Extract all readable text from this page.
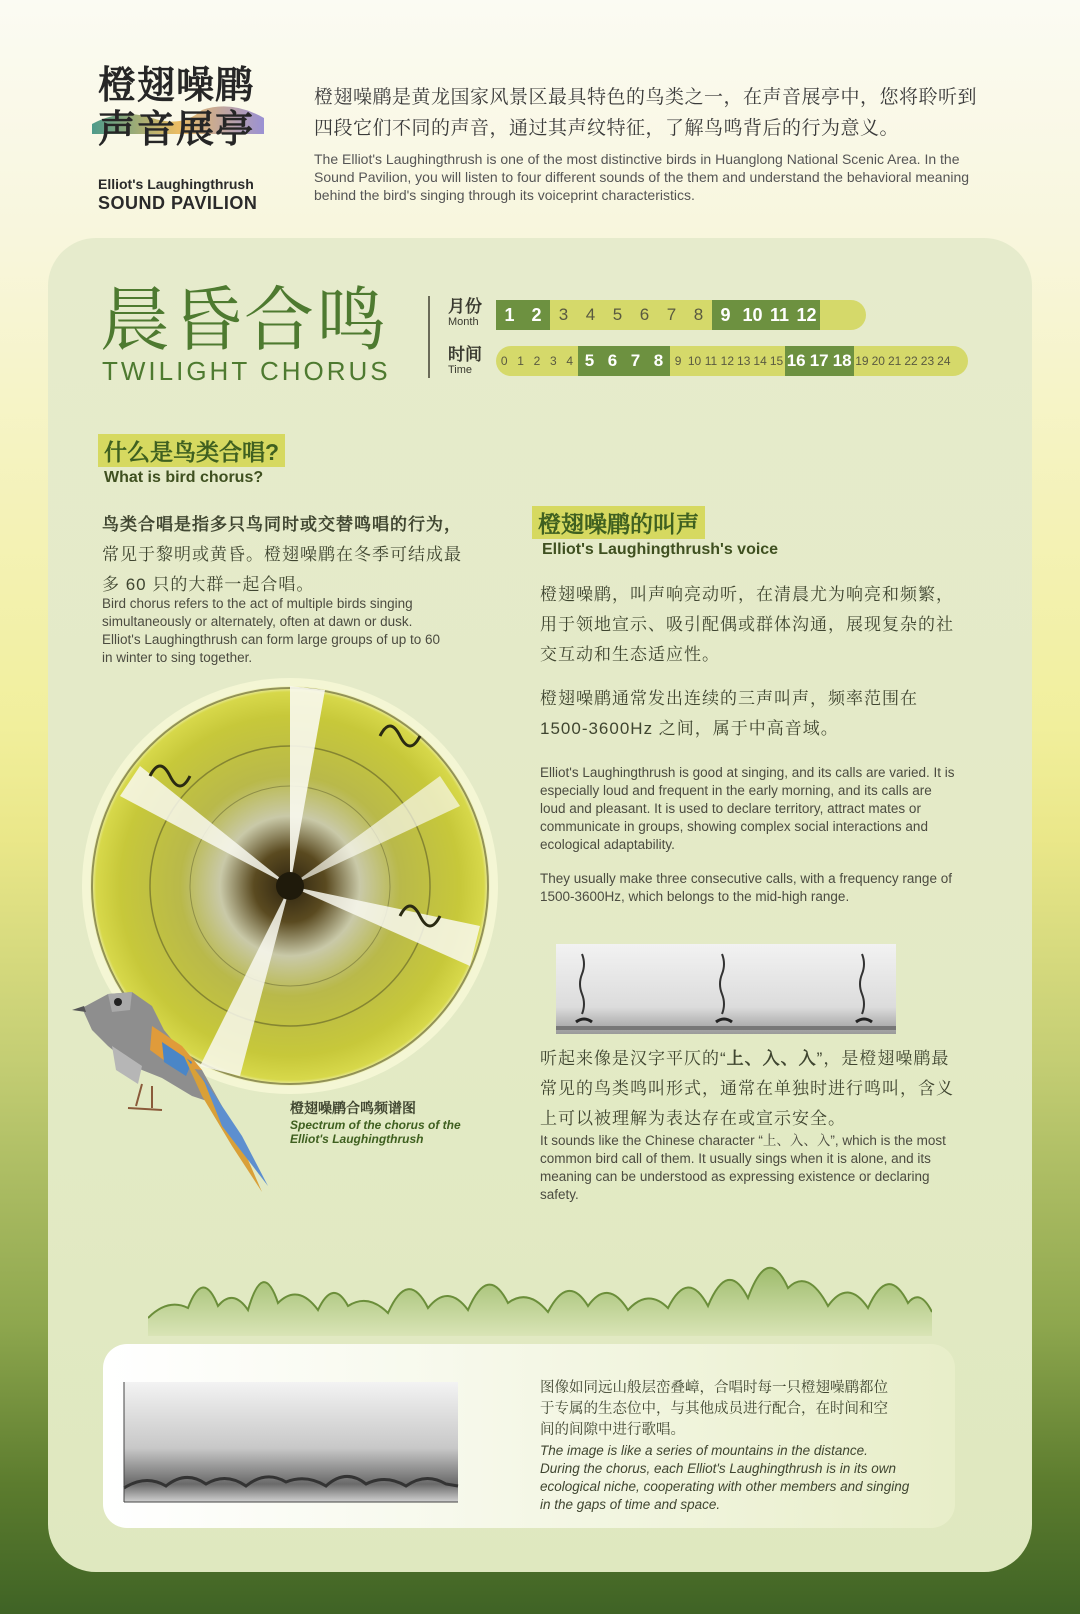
橙翅噪鹛
声音展亭
Elliot's Laughingthrush
SOUND PAVILION
橙翅噪鹛是黄龙国家风景区最具特色的鸟类之一，在声音展亭中，您将聆听到四段它们不同的声音，通过其声纹特征，了解鸟鸣背后的行为意义。
The Elliot's Laughingthrush is one of the most distinctive birds in Huanglong National Scenic Area. In the Sound Pavilion, you will listen to four different sounds of the them and understand the behavioral meaning behind the bird's singing through its voiceprint characteristics.
晨昏合鸣
TWILIGHT CHORUS
月份
Month	1 2	3	4	5	6	7	8 9 10 11 12
时间
Time
0 1 2 3 4 5 6 7 8 9 10 11 12 13 14 15 16 17 18 19 20 21 22 23 24
什么是鸟类合唱?
What is bird chorus?
鸟类合唱是指多只鸟同时或交替鸣唱的行为，常见于黎明或黄昏。橙翅噪鹛在冬季可结成最多 60 只的大群一起合唱。
Bird chorus refers to the act of multiple birds singing simultaneously or alternately, often at dawn or dusk. Elliot's Laughingthrush can form large groups of up to 60 in winter to sing together.
橙翅噪鹛合鸣频谱图
Spectrum of the chorus of the
Elliot's Laughingthrush
橙翅噪鹛的叫声
Elliot's Laughingthrush's voice
橙翅噪鹛，叫声响亮动听，在清晨尤为响亮和频繁，用于领地宣示、吸引配偶或群体沟通，展现复杂的社交互动和生态适应性。
橙翅噪鹛通常发出连续的三声叫声，频率范围在1500-3600Hz 之间，属于中高音域。
Elliot's Laughingthrush is good at singing, and its calls are varied. It is especially loud and frequent in the early morning, and its calls are loud and pleasant. It is used to declare territory, attract mates or communicate in groups, showing complex social interactions and ecological adaptability.
They usually make three consecutive calls, with a frequency range of 1500-3600Hz, which belongs to the mid-high range.
听起来像是汉字平仄的“上、入、入”，是橙翅噪鹛最常见的鸟类鸣叫形式，通常在单独时进行鸣叫，含义上可以被理解为表达存在或宣示安全。
It sounds like the Chinese character “上、入、入”, which is the most common bird call of them. It usually sings when it is alone, and its meaning can be understood as expressing existence or declaring safety.
图像如同远山般层峦叠嶂，合唱时每一只橙翅噪鹛都位于专属的生态位中，与其他成员进行配合，在时间和空间的间隙中进行歌唱。
The image is like a series of mountains in the distance. During the chorus, each Elliot's Laughingthrush is in its own ecological niche, cooperating with other members and singing in the gaps of time and space.
